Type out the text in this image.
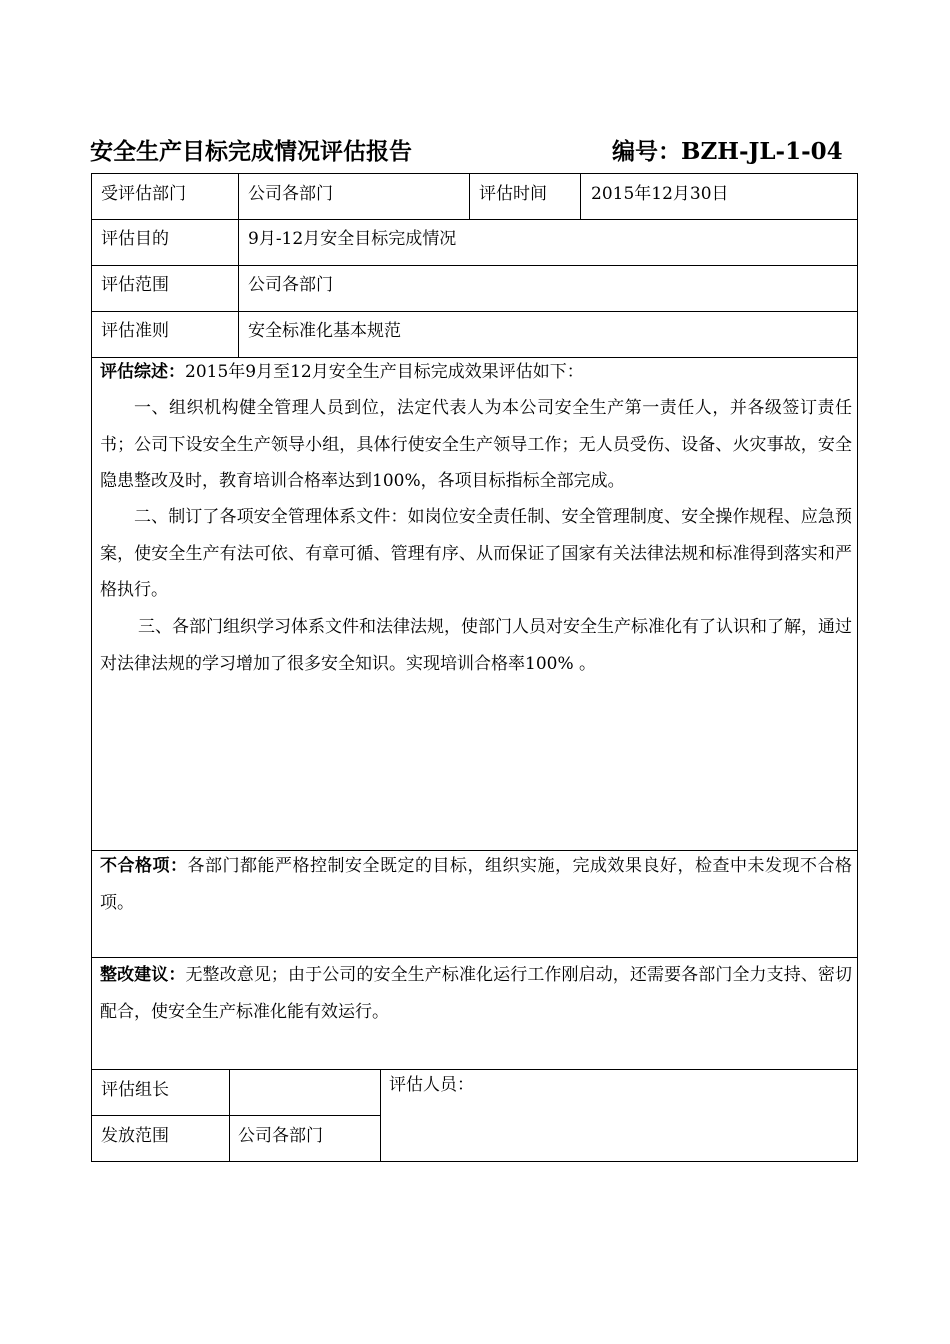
安全生产目标完成情况评估报告	编号：BZH-JL-1-04
受评估部门	公司各部门	评估时间	2015年12月30日
评估目的	9月-12月安全目标完成情况
评估范围	公司各部门
评估准则	安全标准化基本规范
评估综述：2015年9月至12月安全生产目标完成效果评估如下：
一、组织机构健全管理人员到位，法定代表人为本公司安全生产第一责任人，并各级签订责任书；公司下设安全生产领导小组，具体行使安全生产领导工作；无人员受伤、设备、火灾事故，安全隐患整改及时，教育培训合格率达到100%，各项目标指标全部完成。
二、制订了各项安全管理体系文件：如岗位安全责任制、安全管理制度、安全操作规程、应急预案，使安全生产有法可依、有章可循、管理有序、从而保证了国家有关法律法规和标准得到落实和严格执行。
三、各部门组织学习体系文件和法律法规，使部门人员对安全生产标准化有了认识和了解，通过对法律法规的学习增加了很多安全知识。实现培训合格率100% 。
不合格项：各部门都能严格控制安全既定的目标，组织实施，完成效果良好，检查中未发现不合格项。
整改建议：无整改意见；由于公司的安全生产标准化运行工作刚启动，还需要各部门全力支持、密切配合，使安全生产标准化能有效运行。
评估组长
发放范围	公司各部门
评估人员：
